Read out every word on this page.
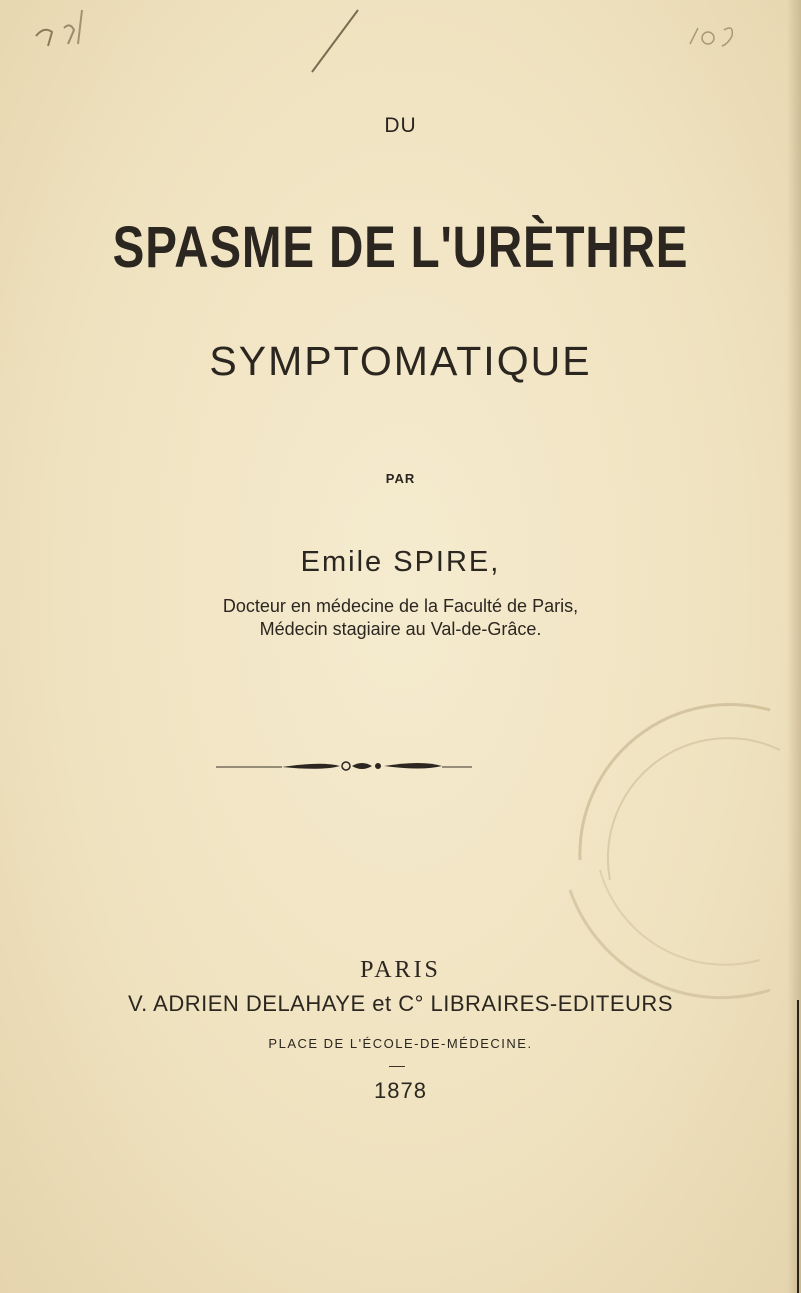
DU
SPASME DE L'URÈTHRE
SYMPTOMATIQUE
PAR
Emile SPIRE,
Docteur en médecine de la Faculté de Paris,
Médecin stagiaire au Val-de-Grâce.
PARIS
V. ADRIEN DELAHAYE et C° LIBRAIRES-EDITEURS
PLACE DE L'ÉCOLE-DE-MÉDECINE.
1878
